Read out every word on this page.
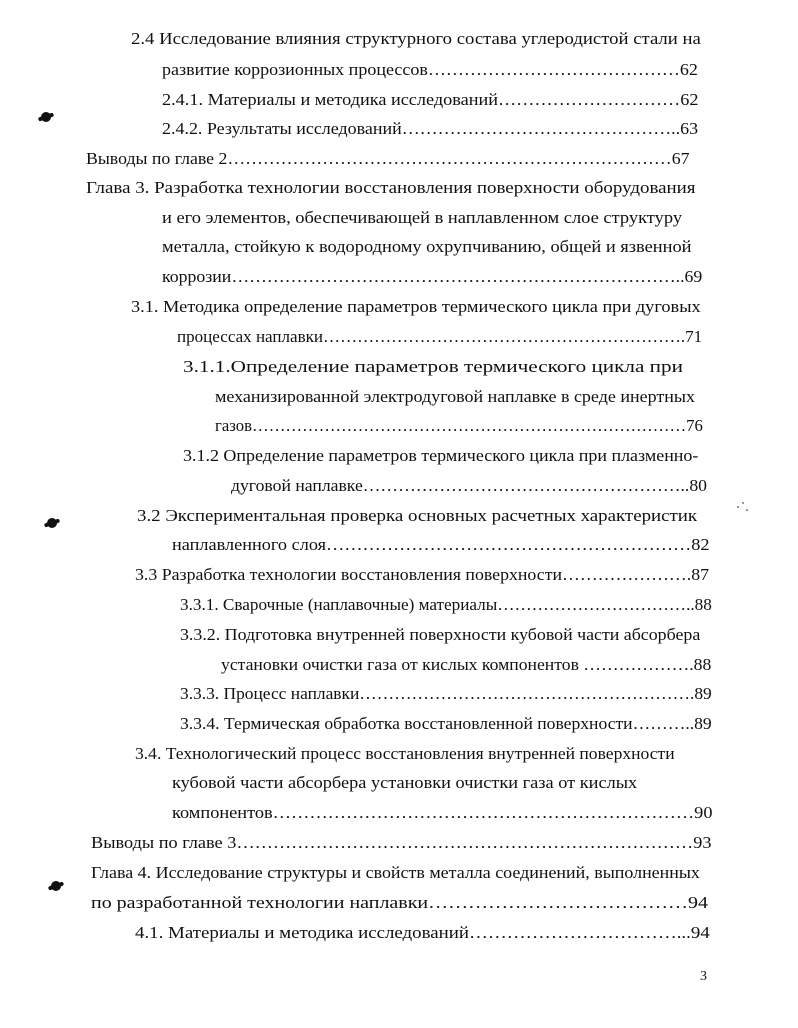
2.4 Исследование влияния структурного состава углеродистой стали на
развитие коррозионных процессов……………………………………62
2.4.1. Материалы и методика исследований…………………………62
2.4.2. Результаты исследований………………………………………..63
Выводы по главе 2…………………………………………………………………67
Глава 3. Разработка технологии восстановления поверхности оборудования
и его элементов, обеспечивающей в наплавленном слое структуру
металла, стойкую к водородному охрупчиванию, общей и язвенной
коррозии…………………………………………………………………..69
3.1. Методика определение параметров термического цикла при дуговых
процессах наплавки……………………………………………………….71
3.1.1.Определение параметров термического цикла при
механизированной электродуговой наплавке в среде инертных
газов……………………………………………………………………76
3.1.2 Определение параметров термического цикла при плазменно-
дуговой наплавке………………………………………………..80
3.2 Экспериментальная проверка основных расчетных характеристик
наплавленного слоя……………………………………………………82
3.3 Разработка технологии восстановления поверхности………………….87
3.3.1. Сварочные (наплавочные) материалы……………………………..88
3.3.2. Подготовка внутренней поверхности кубовой части абсорбера
установки очистки газа от кислых компонентов ……………….88
3.3.3. Процесс наплавки………………………………………………….89
3.3.4. Термическая обработка восстановленной поверхности………..89
3.4. Технологический процесс восстановления внутренней поверхности
кубовой части абсорбера установки очистки газа от кислых
компонентов……………………………………………………………90
Выводы по главе 3…………………………………………………………………93
Глава 4. Исследование структуры и свойств металла соединений, выполненных
по разработанной технологии наплавки…………………………………94
4.1. Материалы и методика исследований……………………………...94
3
